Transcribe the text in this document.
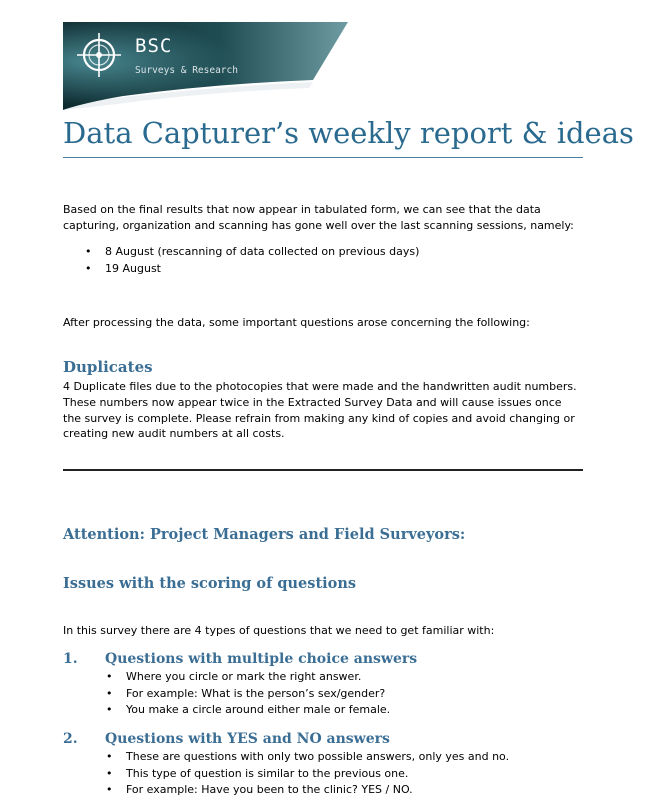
BSC
Surveys & Research
Data Capturer’s weekly report & ideas

Based on the final results that now appear in tabulated form, we can see that the data capturing, organization and scanning has gone well over the last scanning sessions, namely:

• 8 August (rescanning of data collected on previous days)
• 19 August

After processing the data, some important questions arose concerning the following:

Duplicates

4 Duplicate files due to the photocopies that were made and the handwritten audit numbers. These numbers now appear twice in the Extracted Survey Data and will cause issues once the survey is complete. Please refrain from making any kind of copies and avoid changing or creating new audit numbers at all costs.

Attention: Project Managers and Field Surveyors:
Issues with the scoring of questions

In this survey there are 4 types of questions that we need to get familiar with:

1. Questions with multiple choice answers
• Where you circle or mark the right answer.
• For example: What is the person’s sex/gender?
• You make a circle around either male or female.
2. Questions with YES and NO answers
• These are questions with only two possible answers, only yes and no.
• This type of question is similar to the previous one.
• For example: Have you been to the clinic? YES / NO.
